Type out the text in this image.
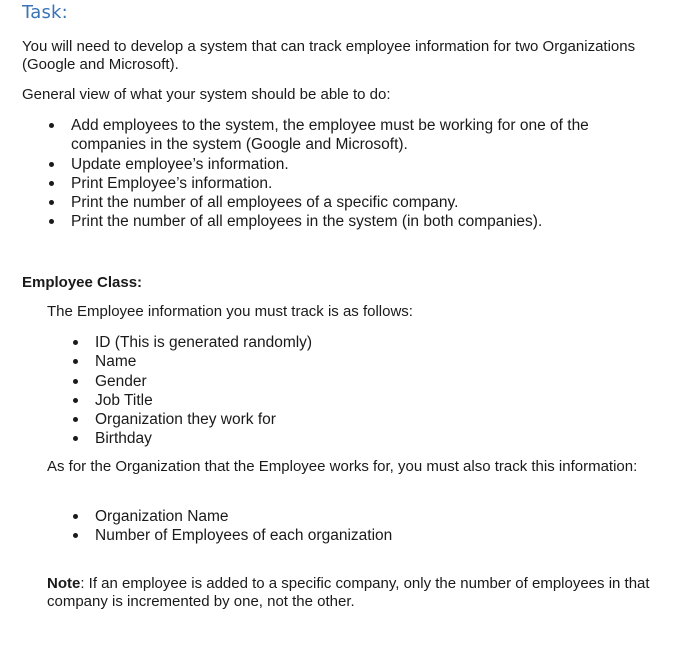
Task:

You will need to develop a system that can track employee information for two Organizations (Google and Microsoft).

General view of what your system should be able to do:

Add employees to the system, the employee must be working for one of the companies in the system (Google and Microsoft).
Update employee’s information.
Print Employee’s information.
Print the number of all employees of a specific company.
Print the number of all employees in the system (in both companies).
Employee Class:

The Employee information you must track is as follows:

ID (This is generated randomly)
Name
Gender
Job Title
Organization they work for
Birthday

As for the Organization that the Employee works for, you must also track this information:

Organization Name
Number of Employees of each organization

Note: If an employee is added to a specific company, only the number of employees in that company is incremented by one, not the other.
